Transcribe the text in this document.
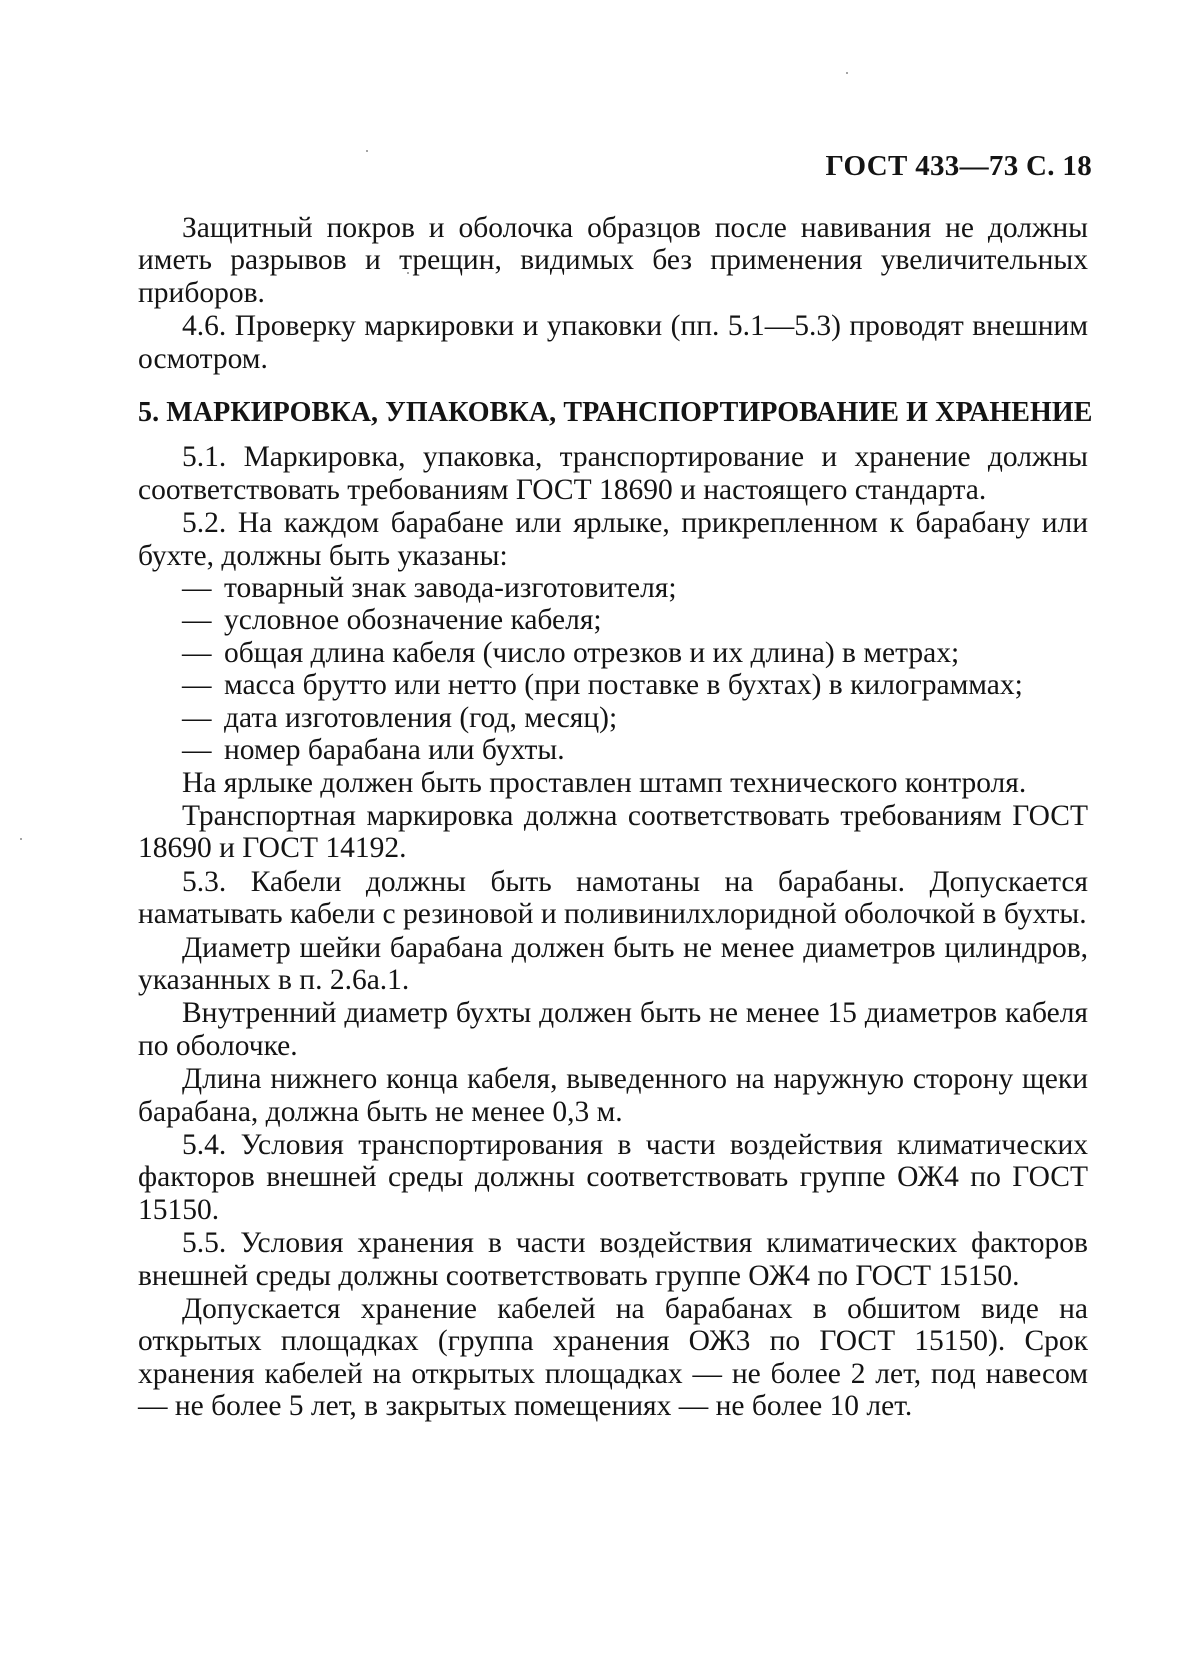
ГОСТ 433—73 С. 18

Защитный покров и оболочка образцов после навивания не должны иметь разрывов и трещин, видимых без применения увеличительных приборов.

4.6. Проверку маркировки и упаковки (пп. 5.1—5.3) проводят внешним осмотром.

5. МАРКИРОВКА, УПАКОВКА, ТРАНСПОРТИРОВАНИЕ И ХРАНЕНИЕ

5.1. Маркировка, упаковка, транспортирование и хранение должны соответствовать требованиям ГОСТ 18690 и настоящего стандарта.

5.2. На каждом барабане или ярлыке, прикрепленном к барабану или бухте, должны быть указаны:

— товарный знак завода-изготовителя;

— условное обозначение кабеля;

— общая длина кабеля (число отрезков и их длина) в метрах;

— масса брутто или нетто (при поставке в бухтах) в килограммах;

— дата изготовления (год, месяц);

— номер барабана или бухты.

На ярлыке должен быть проставлен штамп технического контроля.

Транспортная маркировка должна соответствовать требованиям ГОСТ 18690 и ГОСТ 14192.

5.3. Кабели должны быть намотаны на барабаны. Допускается наматывать кабели с резиновой и поливинилхлоридной оболочкой в бухты.

Диаметр шейки барабана должен быть не менее диаметров цилиндров, указанных в п. 2.6а.1.

Внутренний диаметр бухты должен быть не менее 15 диаметров кабеля по оболочке.

Длина нижнего конца кабеля, выведенного на наружную сторону щеки барабана, должна быть не менее 0,3 м.

5.4. Условия транспортирования в части воздействия климатических факторов внешней среды должны соответствовать группе ОЖ4 по ГОСТ 15150.

5.5. Условия хранения в части воздействия климатических факторов внешней среды должны соответствовать группе ОЖ4 по ГОСТ 15150.

Допускается хранение кабелей на барабанах в обшитом виде на открытых площадках (группа хранения ОЖ3 по ГОСТ 15150). Срок хранения кабелей на открытых площадках — не более 2 лет, под навесом — не более 5 лет, в закрытых помещениях — не более 10 лет.
